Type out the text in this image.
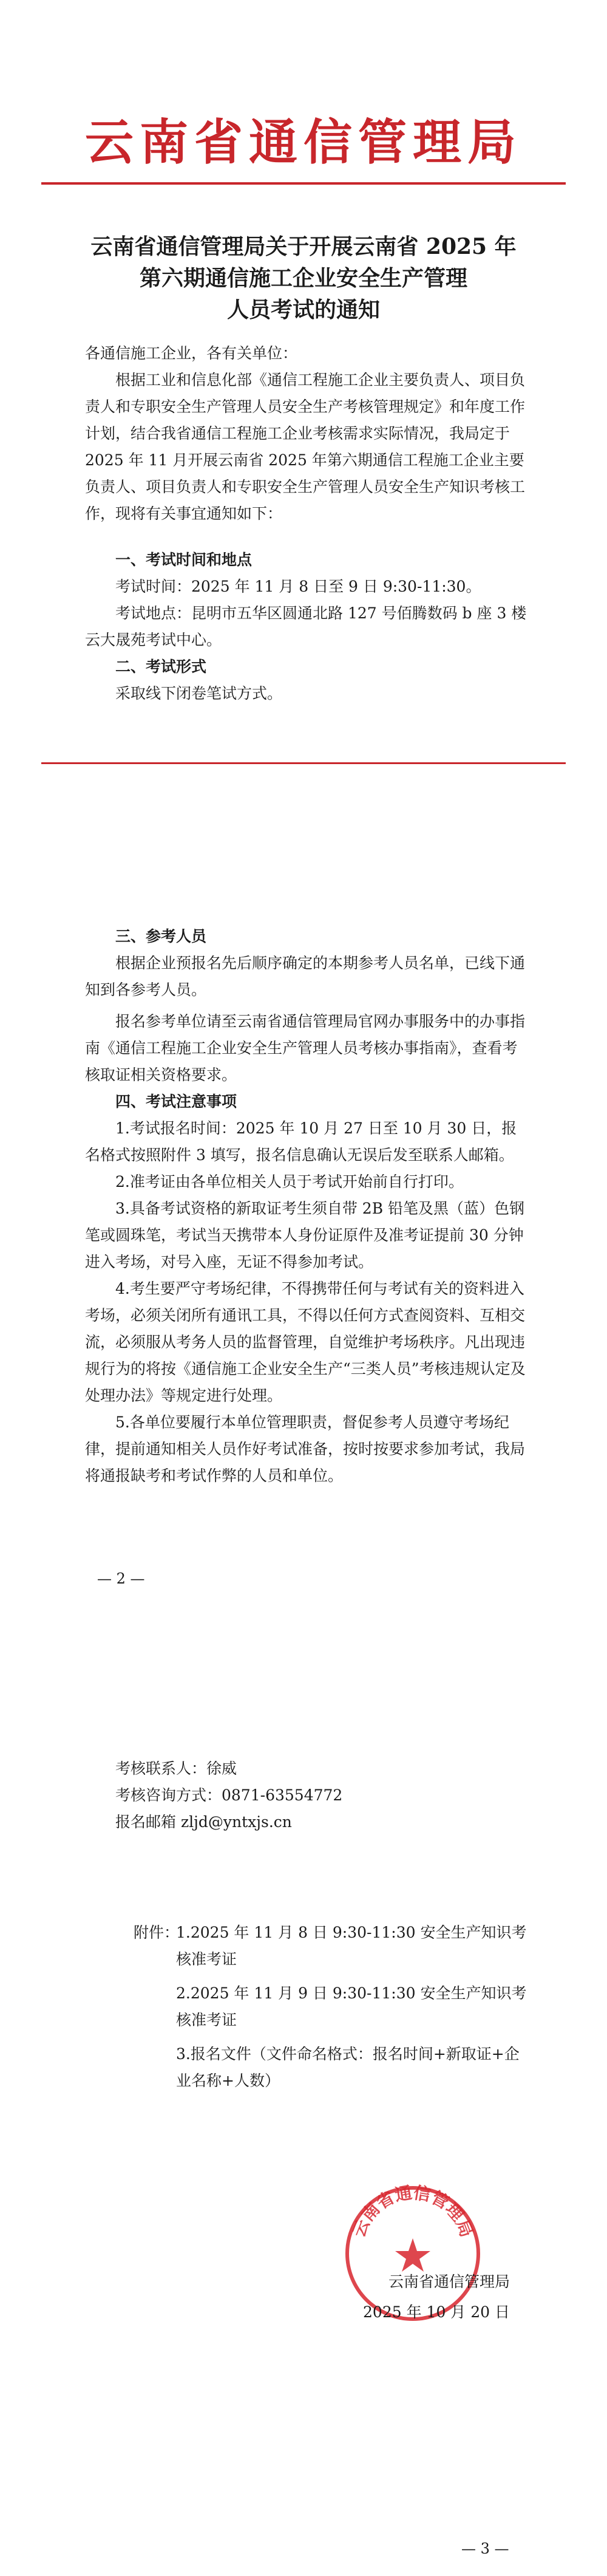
云南省通信管理局
云南省通信管理局关于开展云南省 2025 年
第六期通信施工企业安全生产管理
人员考试的通知
各通信施工企业，各有关单位：
根据工业和信息化部《通信工程施工企业主要负责人、项目负责人和专职安全生产管理人员安全生产考核管理规定》和年度工作计划，结合我省通信工程施工企业考核需求实际情况，我局定于 2025 年 11 月开展云南省 2025 年第六期通信工程施工企业主要负责人、项目负责人和专职安全生产管理人员安全生产知识考核工作，现将有关事宜通知如下：
一、考试时间和地点
考试时间：2025 年 11 月 8 日至 9 日 9:30-11:30。
考试地点：昆明市五华区圆通北路 127 号佰腾数码 b 座 3 楼云大晟苑考试中心。
二、考试形式
采取线下闭卷笔试方式。
三、参考人员
根据企业预报名先后顺序确定的本期参考人员名单，已线下通知到各参考人员。
报名参考单位请至云南省通信管理局官网办事服务中的办事指南《通信工程施工企业安全生产管理人员考核办事指南》，查看考核取证相关资格要求。
四、考试注意事项
1.考试报名时间：2025 年 10 月 27 日至 10 月 30 日，报名格式按照附件 3 填写，报名信息确认无误后发至联系人邮箱。
2.准考证由各单位相关人员于考试开始前自行打印。
3.具备考试资格的新取证考生须自带 2B 铅笔及黑（蓝）色钢笔或圆珠笔，考试当天携带本人身份证原件及准考证提前 30 分钟进入考场，对号入座，无证不得参加考试。
4.考生要严守考场纪律，不得携带任何与考试有关的资料进入考场，必须关闭所有通讯工具，不得以任何方式查阅资料、互相交流，必须服从考务人员的监督管理，自觉维护考场秩序。凡出现违规行为的将按《通信施工企业安全生产“三类人员”考核违规认定及处理办法》等规定进行处理。
5.各单位要履行本单位管理职责，督促参考人员遵守考场纪律，提前通知相关人员作好考试准备，按时按要求参加考试，我局将通报缺考和考试作弊的人员和单位。
— 2 —
考核联系人：徐威
考核咨询方式：0871-63554772
报名邮箱 zljd@yntxjs.cn
附件：
1.2025 年 11 月 8 日 9:30-11:30 安全生产知识考核准考证
2.2025 年 11 月 9 日 9:30-11:30 安全生产知识考核准考证
3.报名文件（文件命名格式：报名时间+新取证+企业名称+人数）
云南省通信管理局
云南省通信管理局
2025 年 10 月 20 日
— 3 —
